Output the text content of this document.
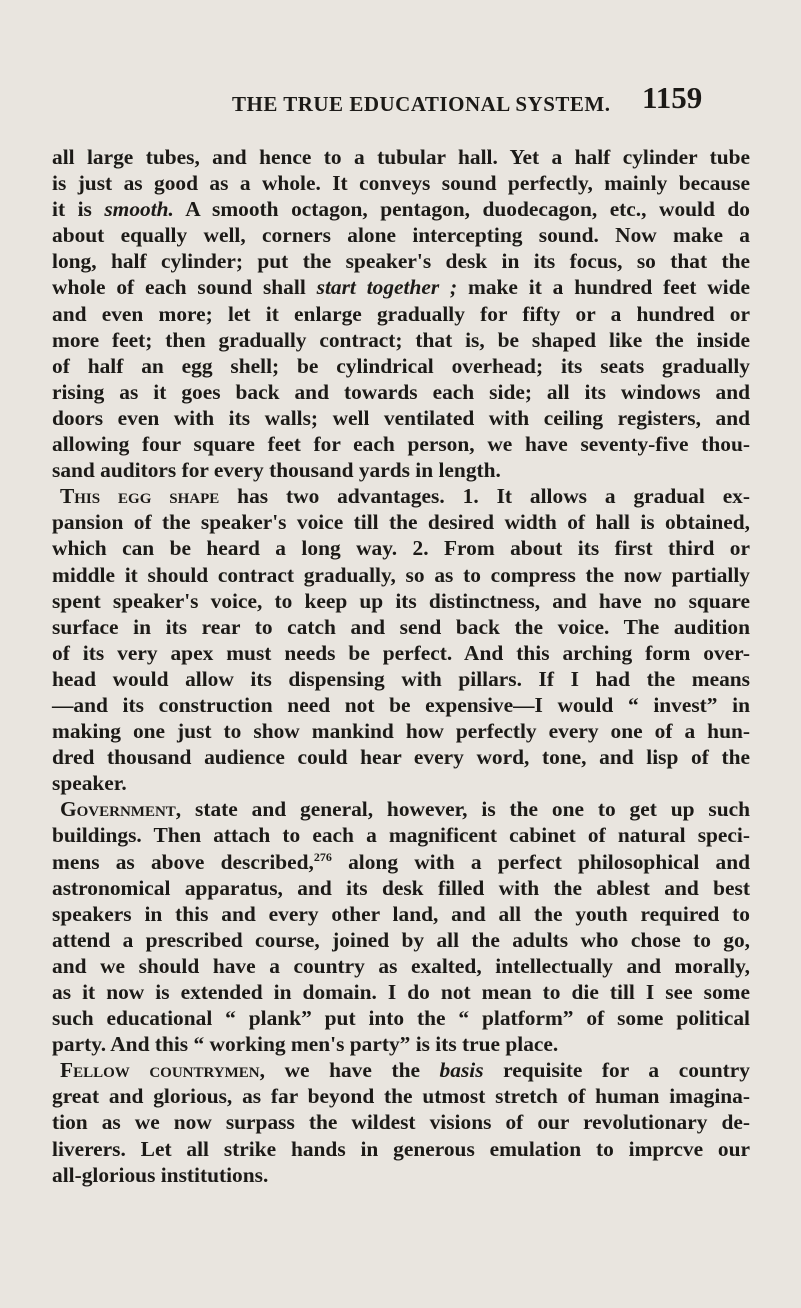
THE TRUE EDUCATIONAL SYSTEM. 1159
all large tubes, and hence to a tubular hall. Yet a half cylinder tube
is just as good as a whole. It conveys sound perfectly, mainly because
it is smooth. A smooth octagon, pentagon, duodecagon, etc., would do
about equally well, corners alone intercepting sound. Now make a
long, half cylinder; put the speaker's desk in its focus, so that the
whole of each sound shall start together ; make it a hundred feet wide
and even more; let it enlarge gradually for fifty or a hundred or
more feet; then gradually contract; that is, be shaped like the inside
of half an egg shell; be cylindrical overhead; its seats gradually
rising as it goes back and towards each side; all its windows and
doors even with its walls; well ventilated with ceiling registers, and
allowing four square feet for each person, we have seventy-five thou-
sand auditors for every thousand yards in length.
This egg shape has two advantages. 1. It allows a gradual ex-
pansion of the speaker's voice till the desired width of hall is obtained,
which can be heard a long way. 2. From about its first third or
middle it should contract gradually, so as to compress the now partially
spent speaker's voice, to keep up its distinctness, and have no square
surface in its rear to catch and send back the voice. The audition
of its very apex must needs be perfect. And this arching form over-
head would allow its dispensing with pillars. If I had the means
—and its construction need not be expensive—I would “ invest” in
making one just to show mankind how perfectly every one of a hun-
dred thousand audience could hear every word, tone, and lisp of the
speaker.
Government, state and general, however, is the one to get up such
buildings. Then attach to each a magnificent cabinet of natural speci-
mens as above described,$^{276}$ along with a perfect philosophical and
astronomical apparatus, and its desk filled with the ablest and best
speakers in this and every other land, and all the youth required to
attend a prescribed course, joined by all the adults who chose to go,
and we should have a country as exalted, intellectually and morally,
as it now is extended in domain. I do not mean to die till I see some
such educational “ plank” put into the “ platform” of some political
party. And this “ working men's party” is its true place.
Fellow countrymen, we have the basis requisite for a country
great and glorious, as far beyond the utmost stretch of human imagina-
tion as we now surpass the wildest visions of our revolutionary de-
liverers. Let all strike hands in generous emulation to imprcve our
all-glorious institutions.
